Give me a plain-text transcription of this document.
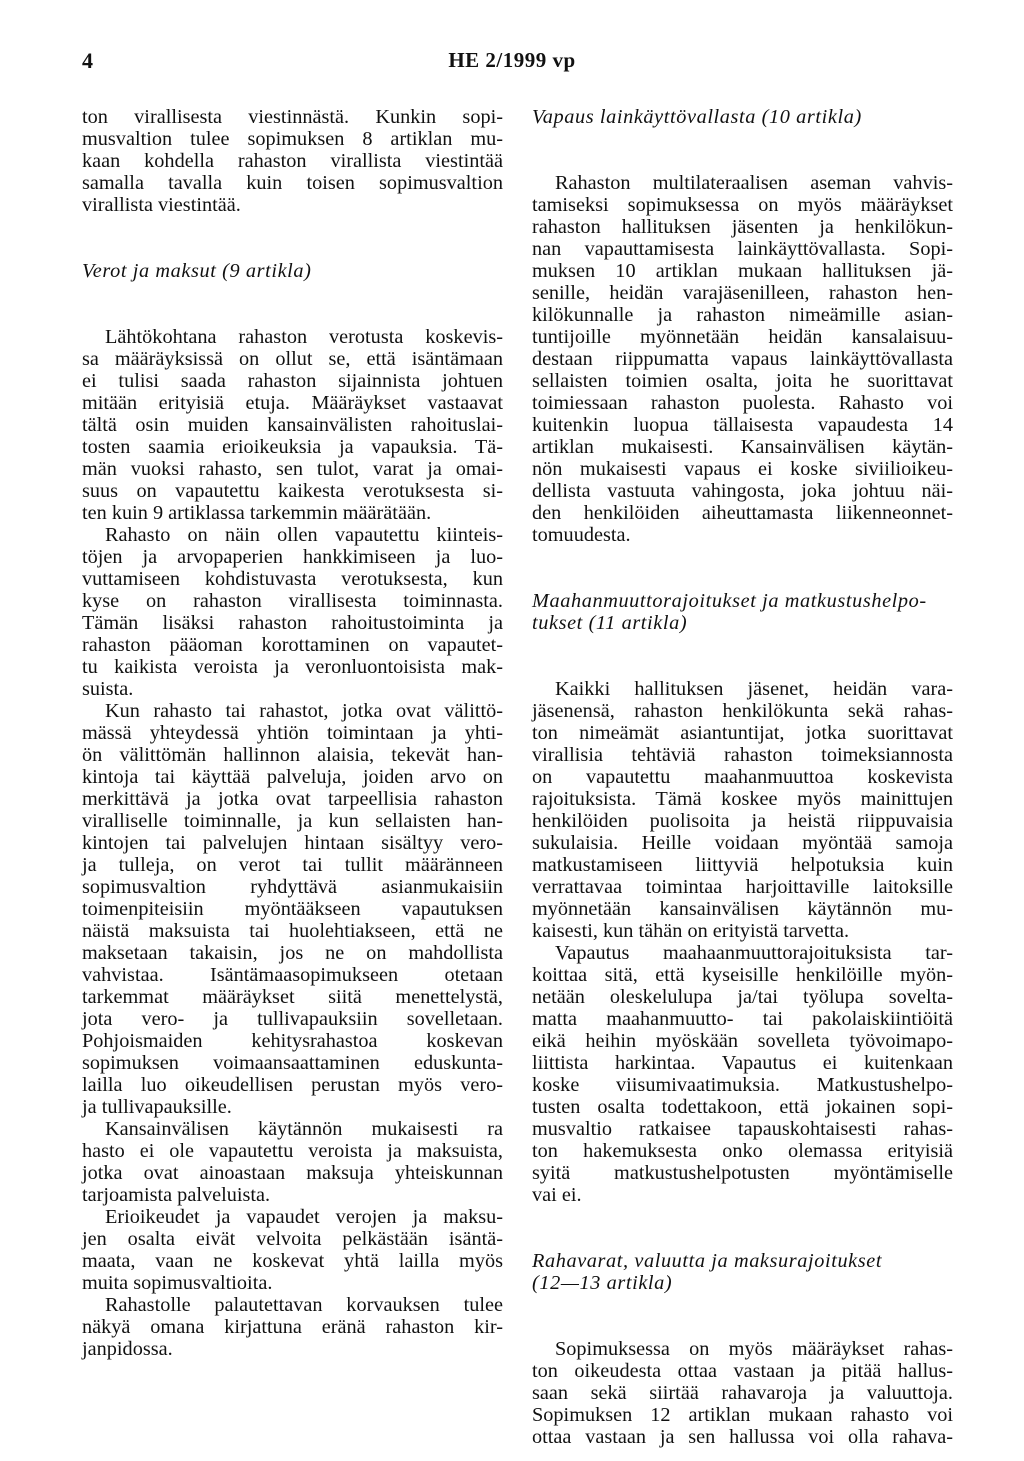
4	HE 2/1999 vp
ton virallisesta viestinnästä. Kunkin sopi-
musvaltion tulee sopimuksen 8 artiklan mu-
kaan kohdella rahaston virallista viestintää
samalla tavalla kuin toisen sopimusvaltion
virallista viestintää.
Verot ja maksut (9 artikla)
Lähtökohtana rahaston verotusta koskevis-
sa määräyksissä on ollut se, että isäntämaan
ei tulisi saada rahaston sijainnista johtuen
mitään erityisiä etuja. Määräykset vastaavat
tältä osin muiden kansainvälisten rahoituslai-
tosten saamia erioikeuksia ja vapauksia. Tä-
män vuoksi rahasto, sen tulot, varat ja omai-
suus on vapautettu kaikesta verotuksesta si-
ten kuin 9 artiklassa tarkemmin määrätään.
Rahasto on näin ollen vapautettu kiinteis-
töjen ja arvopaperien hankkimiseen ja luo-
vuttamiseen kohdistuvasta verotuksesta, kun
kyse on rahaston virallisesta toiminnasta.
Tämän lisäksi rahaston rahoitustoiminta ja
rahaston pääoman korottaminen on vapautet-
tu kaikista veroista ja veronluontoisista mak-
suista.
Kun rahasto tai rahastot, jotka ovat välittö-
mässä yhteydessä yhtiön toimintaan ja yhti-
ön välittömän hallinnon alaisia, tekevät han-
kintoja tai käyttää palveluja, joiden arvo on
merkittävä ja jotka ovat tarpeellisia rahaston
viralliselle toiminnalle, ja kun sellaisten han-
kintojen tai palvelujen hintaan sisältyy vero-
ja tulleja, on verot tai tullit määränneen
sopimusvaltion ryhdyttävä asianmukaisiin
toimenpiteisiin myöntääkseen vapautuksen
näistä maksuista tai huolehtiakseen, että ne
maksetaan takaisin, jos ne on mahdollista
vahvistaa. Isäntämaasopimukseen otetaan
tarkemmat määräykset siitä menettelystä,
jota vero- ja tullivapauksiin sovelletaan.
Pohjoismaiden kehitysrahastoa koskevan
sopimuksen voimaansaattaminen eduskunta-
lailla luo oikeudellisen perustan myös vero-
ja tullivapauksille.
Kansainvälisen käytännön mukaisesti ra
hasto ei ole vapautettu veroista ja maksuista,
jotka ovat ainoastaan maksuja yhteiskunnan
tarjoamista palveluista.
Erioikeudet ja vapaudet verojen ja maksu-
jen osalta eivät velvoita pelkästään isäntä-
maata, vaan ne koskevat yhtä lailla myös
muita sopimusvaltioita.
Rahastolle palautettavan korvauksen tulee
näkyä omana kirjattuna eränä rahaston kir-
janpidossa.
Vapaus lainkäyttövallasta (10 artikla)
Rahaston multilateraalisen aseman vahvis-
tamiseksi sopimuksessa on myös määräykset
rahaston hallituksen jäsenten ja henkilökun-
nan vapauttamisesta lainkäyttövallasta. Sopi-
muksen 10 artiklan mukaan hallituksen jä-
senille, heidän varajäsenilleen, rahaston hen-
kilökunnalle ja rahaston nimeämille asian-
tuntijoille myönnetään heidän kansalaisuu-
destaan riippumatta vapaus lainkäyttövallasta
sellaisten toimien osalta, joita he suorittavat
toimiessaan rahaston puolesta. Rahasto voi
kuitenkin luopua tällaisesta vapaudesta 14
artiklan mukaisesti. Kansainvälisen käytän-
nön mukaisesti vapaus ei koske siviilioikeu-
dellista vastuuta vahingosta, joka johtuu näi-
den henkilöiden aiheuttamasta liikenneonnet-
tomuudesta.
Maahanmuuttorajoitukset ja matkustushelpo-
tukset (11 artikla)
Kaikki hallituksen jäsenet, heidän vara-
jäsenensä, rahaston henkilökunta sekä rahas-
ton nimeämät asiantuntijat, jotka suorittavat
virallisia tehtäviä rahaston toimeksiannosta
on vapautettu maahanmuuttoa koskevista
rajoituksista. Tämä koskee myös mainittujen
henkilöiden puolisoita ja heistä riippuvaisia
sukulaisia. Heille voidaan myöntää samoja
matkustamiseen liittyviä helpotuksia kuin
verrattavaa toimintaa harjoittaville laitoksille
myönnetään kansainvälisen käytännön mu-
kaisesti, kun tähän on erityistä tarvetta.
Vapautus maahaanmuuttorajoituksista tar-
koittaa sitä, että kyseisille henkilöille myön-
netään oleskelulupa ja/tai työlupa soveltа-
matta maahanmuutto- tai pakolaiskiintiöitä
eikä heihin myöskään sovelleta työvoimapo-
liittista harkintaa. Vapautus ei kuitenkaan
koske viisumivaatimuksia. Matkustushelpo-
tusten osalta todettakoon, että jokainen sopi-
musvaltio ratkaisee tapauskohtaisesti rahas-
ton hakemuksesta onko olemassa erityisiä
syitä matkustushelpotusten myöntämiselle
vai ei.
Rahavarat, valuutta ja maksurajoitukset
(12—13 artikla)
Sopimuksessa on myös määräykset rahas-
ton oikeudesta ottaa vastaan ja pitää hallus-
saan sekä siirtää rahavaroja ja valuuttoja.
Sopimuksen 12 artiklan mukaan rahasto voi
ottaa vastaan ja sen hallussa voi olla rahava-
